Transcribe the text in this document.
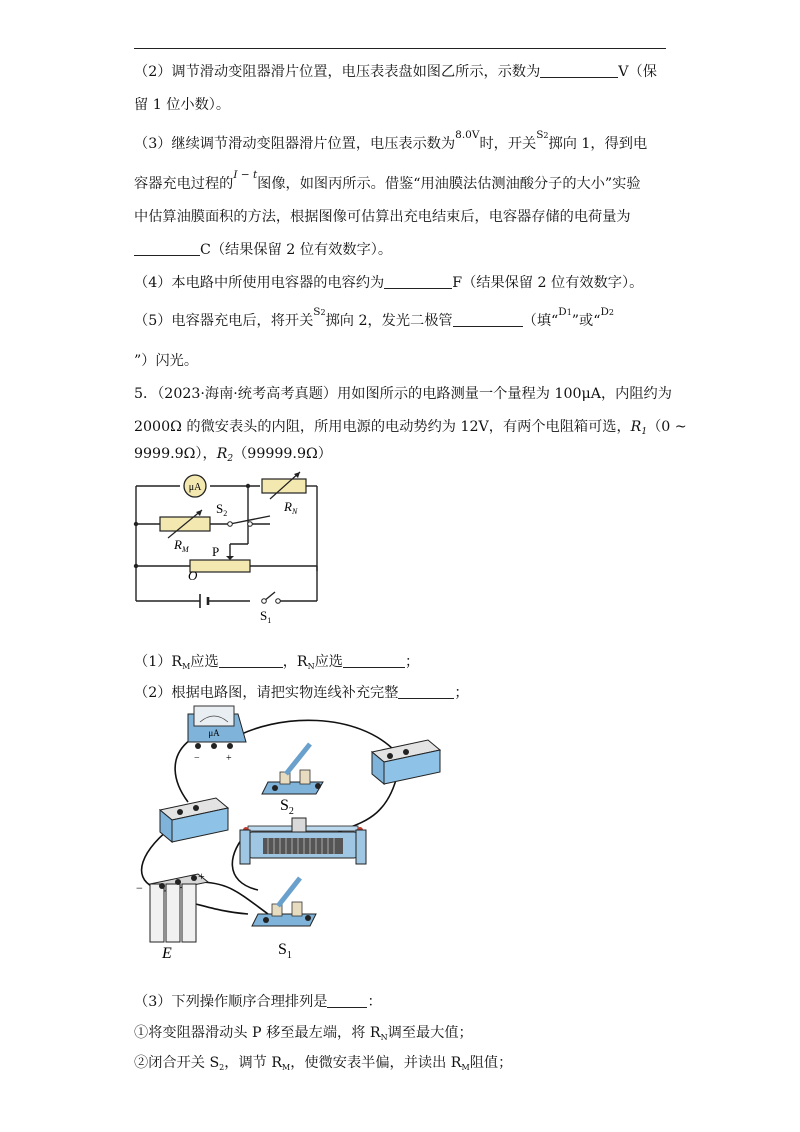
（2）调节滑动变阻器滑片位置，电压表表盘如图乙所示，示数为	V（保
留 1 位小数）。
（3）继续调节滑动变阻器滑片位置，电压表示数为$^{8.0V}$时，开关$^{S2}$掷向 1，得到电
容器充电过程的$^{I - t}$图像，如图丙所示。借鉴“用油膜法估测油酸分子的大小”实验
中估算油膜面积的方法，根据图像可估算出充电结束后，电容器存储的电荷量为
C（结果保留 2 位有效数字）。
（4）本电路中所使用电容器的电容约为	F（结果保留 2 位有效数字）。
（5）电容器充电后，将开关$^{S2}$掷向 2，发光二极管	（填“$^{D1}$”或“$^{D2}$
”）闪光。
5．（2023·海南·统考高考真题）用如图所示的电路测量一个量程为 100μA，内阻约为
2000Ω 的微安表头的内阻，所用电源的电动势约为 12V，有两个电阻箱可选，$R_1(0$ ~
9999.9Ω），$R_2(99999.9\Omega)$
μA
$S_2$	$R_N$
$R_M$ P
O
$S_1$
$(1)R_M$应选	，$R_N$应选	；
（2）根据电路图，请把实物连线补充完整	；
μA
−	+
$S_2$
+
−
E	$S_1$
（3）下列操作顺序合理排列是	：
①将变阻器滑动头 P 移至最左端，将 $R_N$调至最大值；
②闭合开关 $S_2$，调节 $R_M$，使微安表半偏，并读出 $R_M$阻值；
